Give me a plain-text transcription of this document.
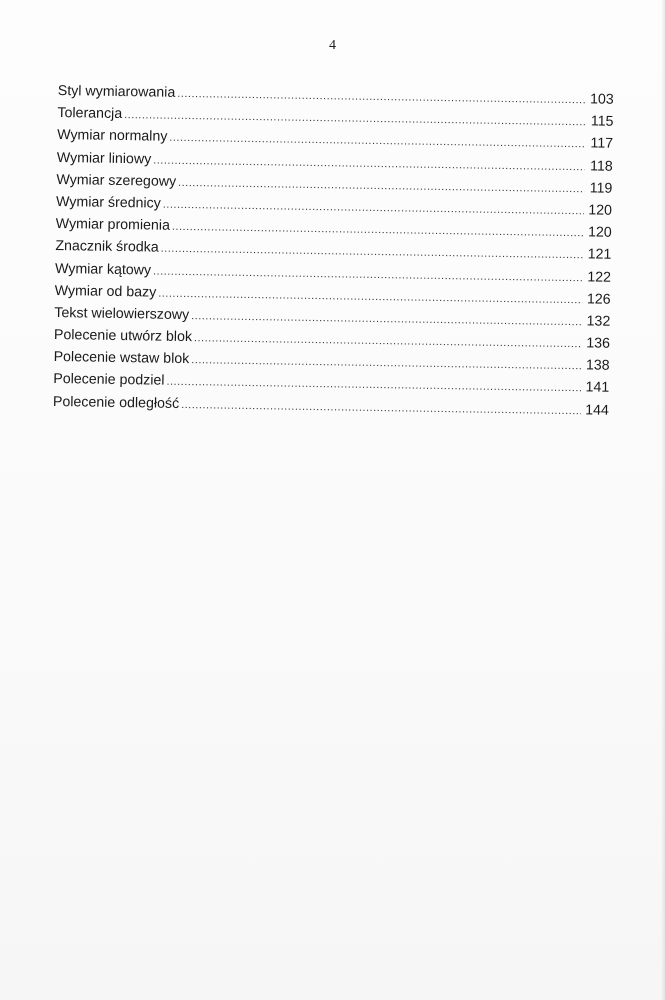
4
Styl wymiarowania .....	103
Tolerancja .....	115
Wymiar normalny .....	117
Wymiar liniowy .....	118
Wymiar szeregowy .....	119
Wymiar średnicy .....	120
Wymiar promienia .....	120
Znacznik środka .....	121
Wymiar kątowy .....	122
Wymiar od bazy .....	126
Tekst wielowierszowy .....	132
Polecenie utwórz blok .....	136
Polecenie wstaw blok .....	138
Polecenie podziel .....	141
Polecenie odległość .....	144
